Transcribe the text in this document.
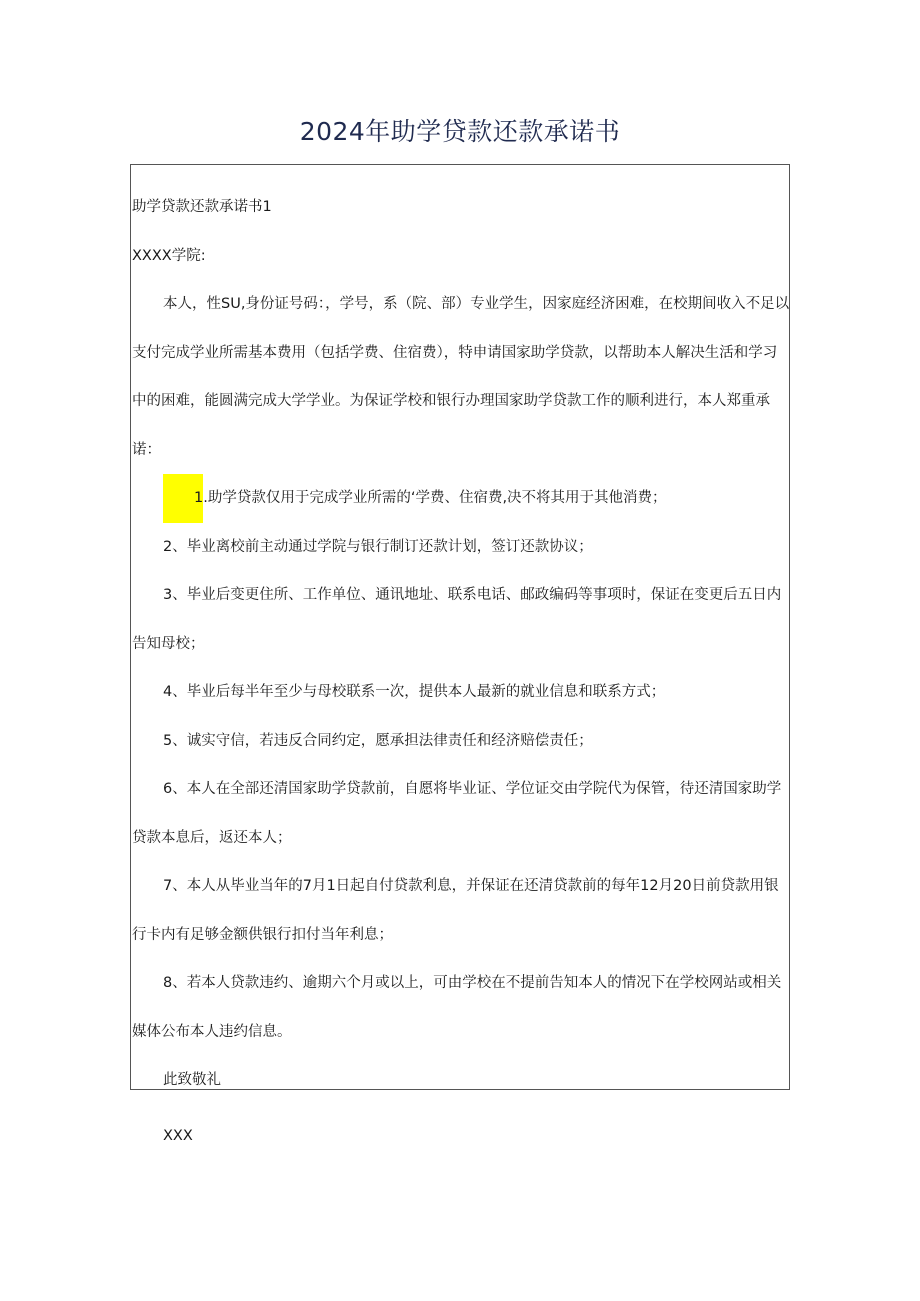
2024年助学贷款还款承诺书

助学贷款还款承诺书1

XXXX学院:

本人，性SU,身份证号码：，学号，系（院、部）专业学生，因家庭经济困难，在校期间收入不足以支付完成学业所需基本费用（包括学费、住宿费），特申请国家助学贷款，以帮助本人解决生活和学习中的困难，能圆满完成大学学业。为保证学校和银行办理国家助学贷款工作的顺利进行，本人郑重承诺：

1.助学贷款仅用于完成学业所需的‘学费、住宿费,决不将其用于其他消费；

2、毕业离校前主动通过学院与银行制订还款计划，签订还款协议；

3、毕业后变更住所、工作单位、通讯地址、联系电话、邮政编码等事项时，保证在变更后五日内告知母校；

4、毕业后每半年至少与母校联系一次，提供本人最新的就业信息和联系方式；

5、诚实守信，若违反合同约定，愿承担法律责任和经济赔偿责任；

6、本人在全部还清国家助学贷款前，自愿将毕业证、学位证交由学院代为保管，待还清国家助学贷款本息后，返还本人；

7、本人从毕业当年的7月1日起自付贷款利息，并保证在还清贷款前的每年12月20日前贷款用银行卡内有足够金额供银行扣付当年利息；

8、若本人贷款违约、逾期六个月或以上，可由学校在不提前告知本人的情况下在学校网站或相关媒体公布本人违约信息。

此致敬礼

XXX
